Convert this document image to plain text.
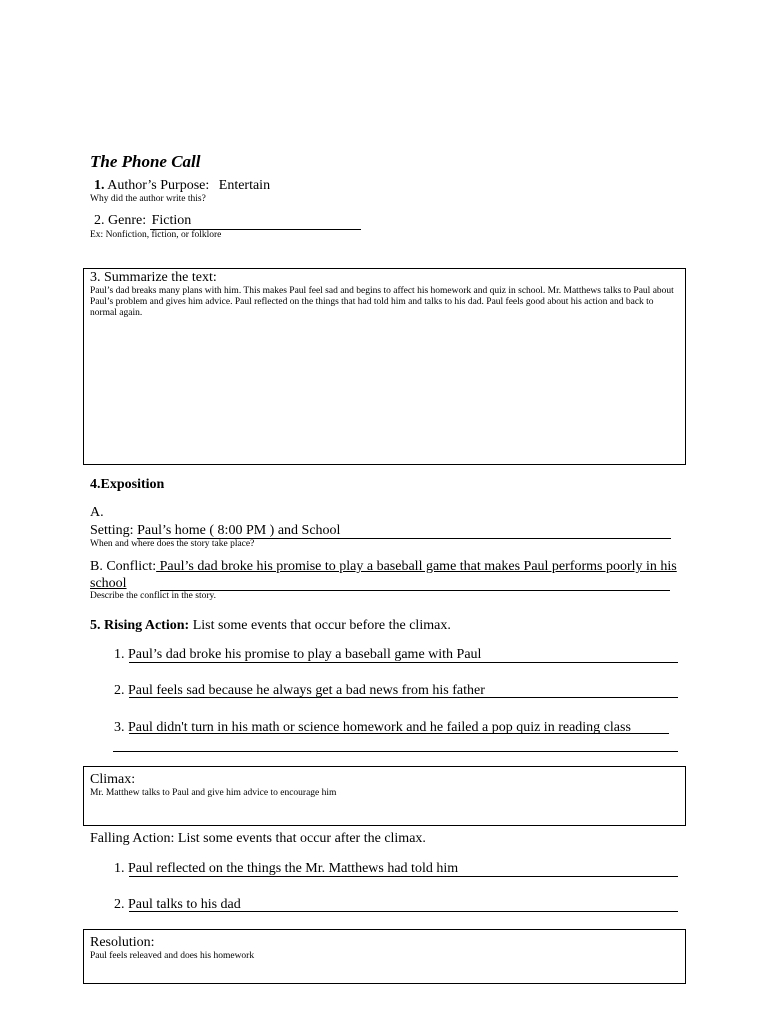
The Phone Call
1. Author’s Purpose: Entertain
Why did the author write this?
2. Genre: Fiction
Ex: Nonfiction, fiction, or folklore

3. Summarize the text:

Paul’s dad breaks many plans with him. This makes Paul feel sad and begins to affect his homework and quiz in school. Mr. Matthews talks to Paul about Paul’s problem and gives him advice. Paul reflected on the things that had told him and talks to his dad. Paul feels good about his action and back to normal again.

4.Exposition
A.
Setting: Paul’s home ( 8:00 PM ) and School
When and where does the story take place?
B. Conflict: Paul’s dad broke his promise to play a baseball game that makes Paul performs poorly in his school
Describe the conflict in the story.
5. Rising Action: List some events that occur before the climax.
1. Paul’s dad broke his promise to play a baseball game with Paul
2. Paul feels sad because he always get a bad news from his father
3. Paul didn't turn in his math or science homework and he failed a pop quiz in reading class

Climax:

Mr. Matthew talks to Paul and give him advice to encourage him

Falling Action: List some events that occur after the climax.
1. Paul reflected on the things the Mr. Matthews had told him
2. Paul talks to his dad

Resolution:

Paul feels releaved and does his homework
